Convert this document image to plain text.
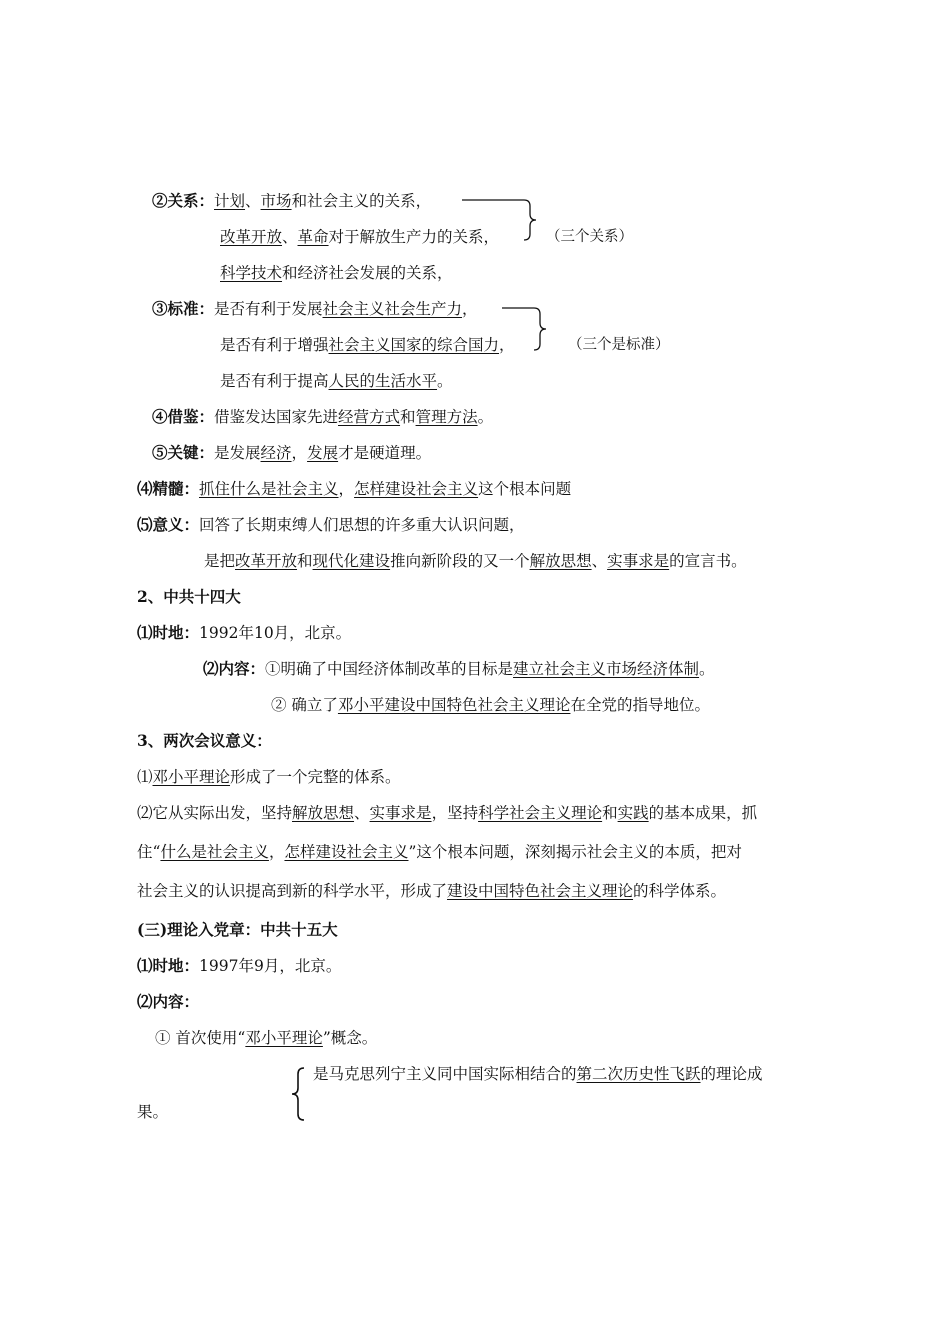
②关系：计划、市场和社会主义的关系，
改革开放、革命对于解放生产力的关系，	（三个关系）
科学技术和经济社会发展的关系，
③标准：是否有利于发展社会主义社会生产力，
是否有利于增强社会主义国家的综合国力，	（三个是标准）
是否有利于提高人民的生活水平。
④借鉴：借鉴发达国家先进经营方式和管理方法。
⑤关键：是发展经济，发展才是硬道理。
⑷精髓：抓住什么是社会主义，怎样建设社会主义这个根本问题
⑸意义：回答了长期束缚人们思想的许多重大认识问题，
是把改革开放和现代化建设推向新阶段的又一个解放思想、实事求是的宣言书。
2、中共十四大
⑴时地：1992年10月，北京。
⑵内容：①明确了中国经济体制改革的目标是建立社会主义市场经济体制。
② 确立了邓小平建设中国特色社会主义理论在全党的指导地位。
3、两次会议意义：
⑴邓小平理论形成了一个完整的体系。
⑵它从实际出发，坚持解放思想、实事求是，坚持科学社会主义理论和实践的基本成果，抓
住“什么是社会主义，怎样建设社会主义”这个根本问题，深刻揭示社会主义的本质，把对
社会主义的认识提高到新的科学水平，形成了建设中国特色社会主义理论的科学体系。
(三)理论入党章：中共十五大
⑴时地：1997年9月，北京。
⑵内容：
① 首次使用“邓小平理论”概念。
是马克思列宁主义同中国实际相结合的第二次历史性飞跃的理论成
果。
